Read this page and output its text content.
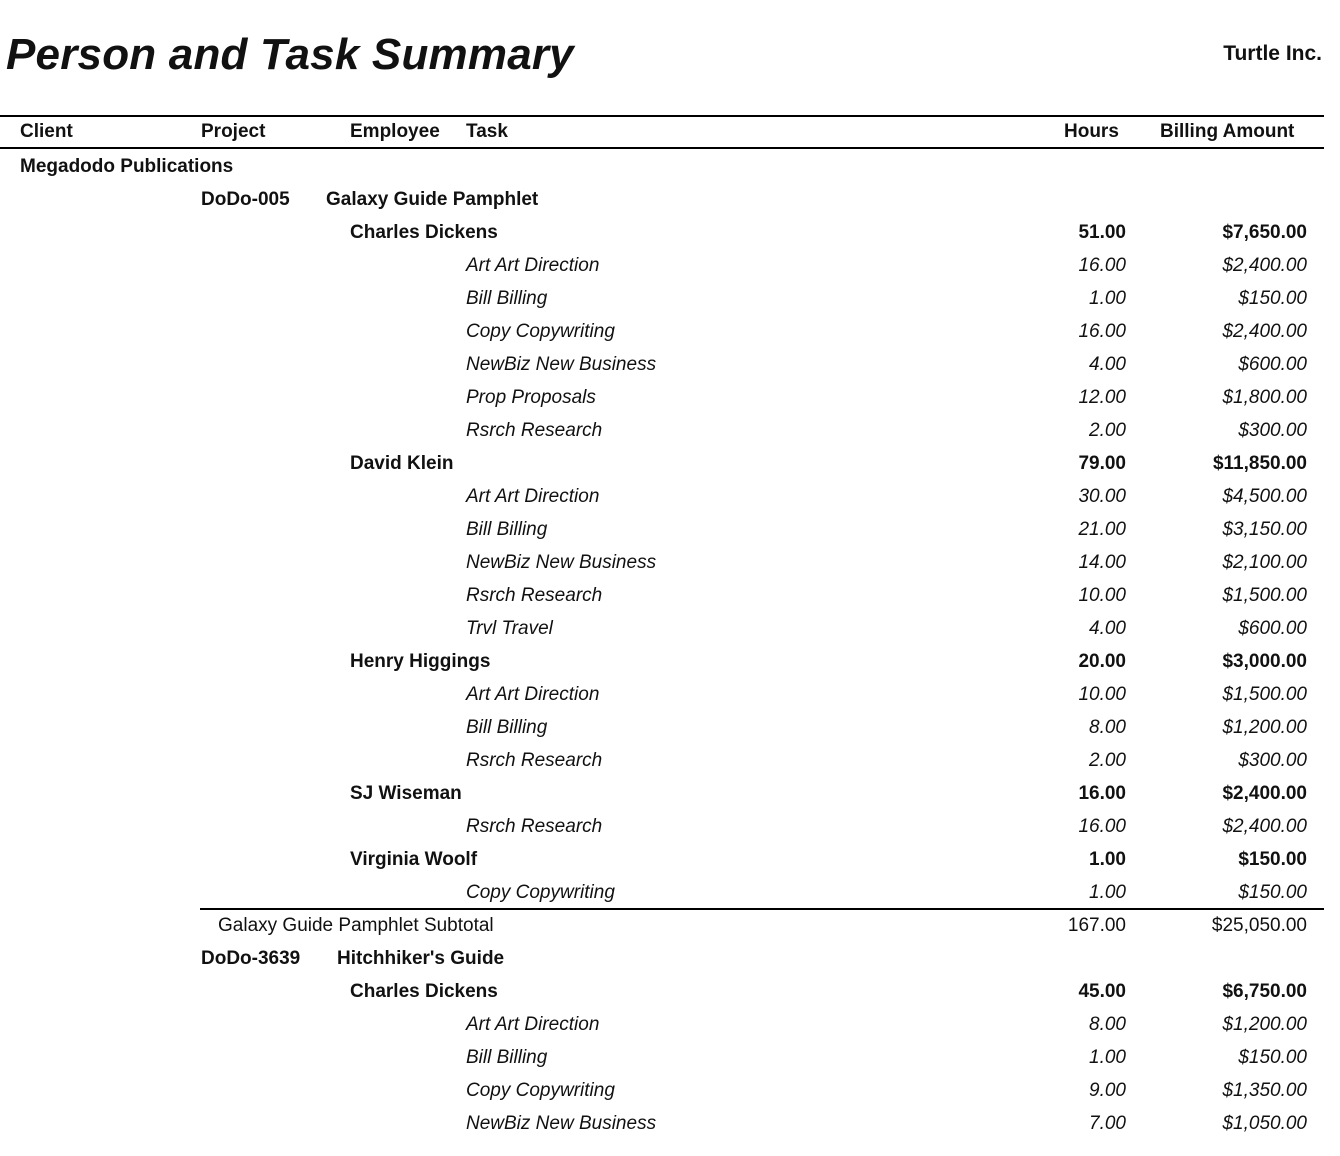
Person and Task Summary	Turtle Inc.
Client	Project	Employee Task	Hours Billing Amount
Megadodo Publications
DoDo-005 Galaxy Guide Pamphlet
Charles Dickens	51.00	$7,650.00
Art Art Direction	16.00	$2,400.00
Bill Billing	1.00	$150.00
Copy Copywriting	16.00	$2,400.00
NewBiz New Business	4.00	$600.00
Prop Proposals	12.00	$1,800.00
Rsrch Research	2.00	$300.00
David Klein	79.00	$11,850.00
Art Art Direction	30.00	$4,500.00
Bill Billing	21.00	$3,150.00
NewBiz New Business	14.00	$2,100.00
Rsrch Research	10.00	$1,500.00
Trvl Travel	4.00	$600.00
Henry Higgings	20.00	$3,000.00
Art Art Direction	10.00	$1,500.00
Bill Billing	8.00	$1,200.00
Rsrch Research	2.00	$300.00
SJ Wiseman	16.00	$2,400.00
Rsrch Research	16.00	$2,400.00
Virginia Woolf	1.00	$150.00
Copy Copywriting	1.00	$150.00
Galaxy Guide Pamphlet Subtotal	167.00	$25,050.00
DoDo-3639 Hitchhiker's Guide
Charles Dickens	45.00	$6,750.00
Art Art Direction	8.00	$1,200.00
Bill Billing	1.00	$150.00
Copy Copywriting	9.00	$1,350.00
NewBiz New Business	7.00	$1,050.00
